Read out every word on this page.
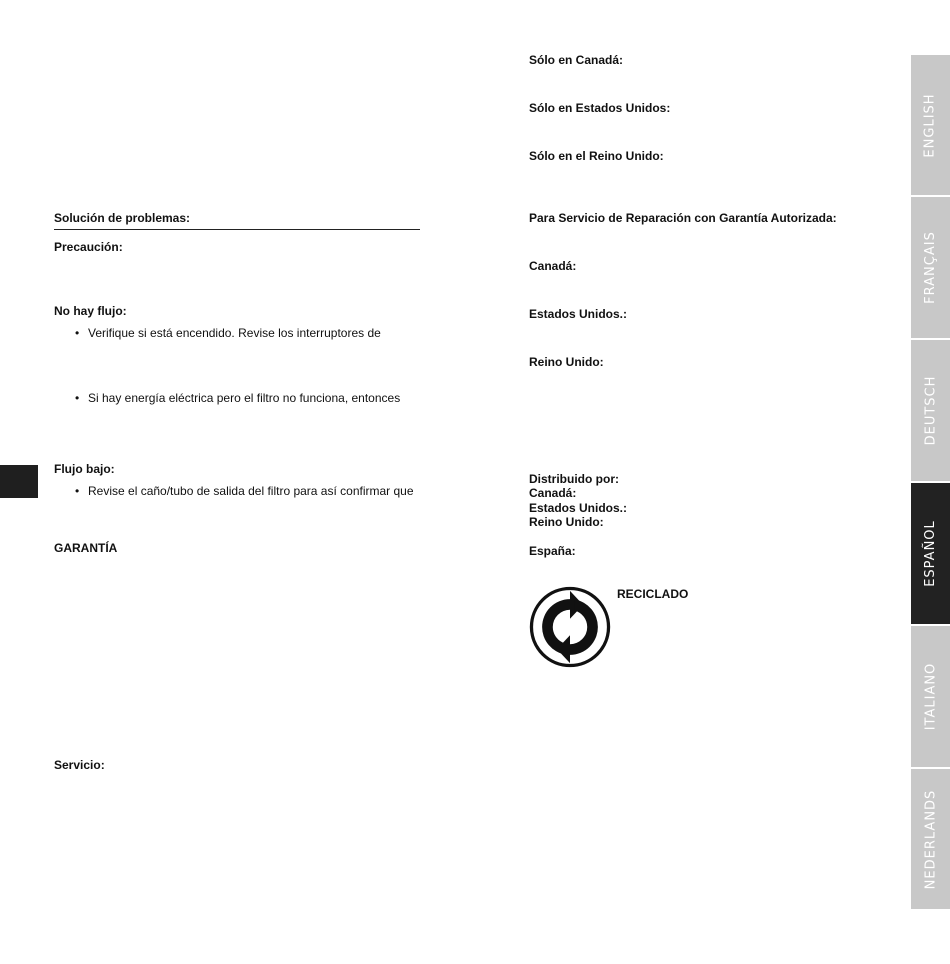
Solución de problemas:
Precaución:
No hay flujo:
• Verifique si está encendido. Revise los interruptores de
• Si hay energía eléctrica pero el filtro no funciona, entonces
Flujo bajo:
• Revise el caño/tubo de salida del filtro para así confirmar que
GARANTÍA
Servicio:
Sólo en Canadá:
Sólo en Estados Unidos:
Sólo en el Reino Unido:
Para Servicio de Reparación con Garantía Autorizada:
Canadá:
Estados Unidos.:
Reino Unido:
Distribuido por:
Canadá:
Estados Unidos.:
Reino Unido:
España:
RECICLADO
ENGLISH
FRANÇAIS
DEUTSCH
ESPAÑOL
ITALIANO
NEDERLANDS
